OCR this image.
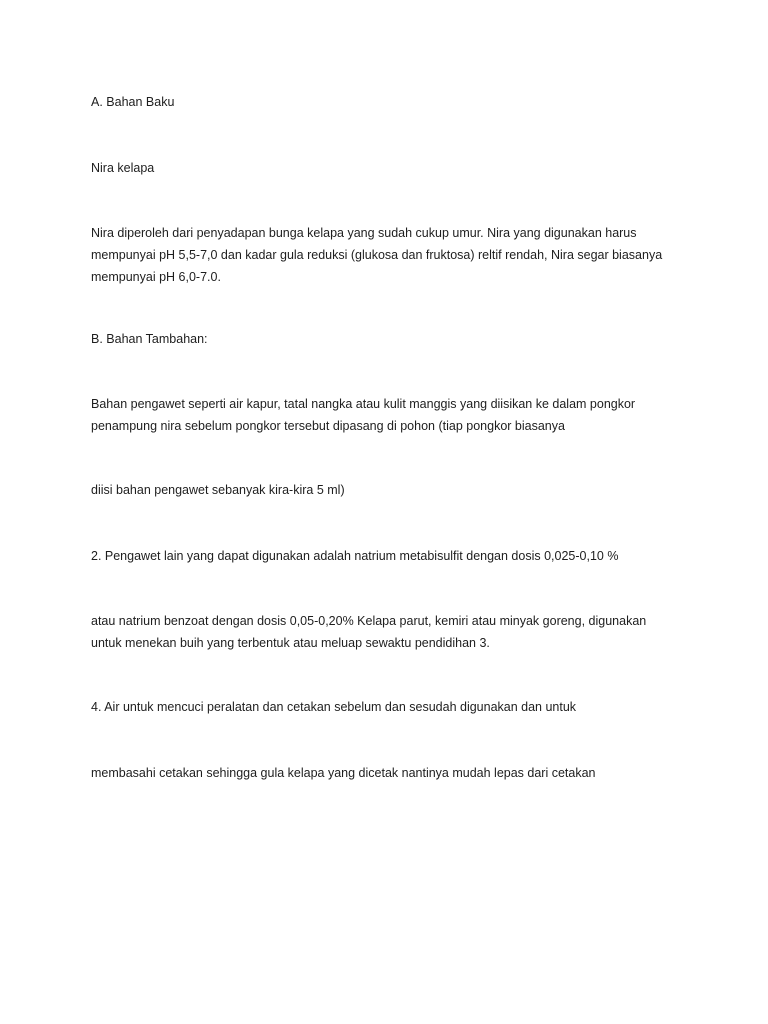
A. Bahan Baku

Nira kelapa

Nira diperoleh dari penyadapan bunga kelapa yang sudah cukup umur. Nira yang digunakan harus
mempunyai pH 5,5-7,0 dan kadar gula reduksi (glukosa dan fruktosa) reltif rendah, Nira segar biasanya
mempunyai pH 6,0-7.0.

B. Bahan Tambahan:

Bahan pengawet seperti air kapur, tatal nangka atau kulit manggis yang diisikan ke dalam pongkor
penampung nira sebelum pongkor tersebut dipasang di pohon (tiap pongkor biasanya

diisi bahan pengawet sebanyak kira-kira 5 ml)

2. Pengawet lain yang dapat digunakan adalah natrium metabisulfit dengan dosis 0,025-0,10 %

atau natrium benzoat dengan dosis 0,05-0,20% Kelapa parut, kemiri atau minyak goreng, digunakan
untuk menekan buih yang terbentuk atau meluap sewaktu pendidihan 3.

4. Air untuk mencuci peralatan dan cetakan sebelum dan sesudah digunakan dan untuk

membasahi cetakan sehingga gula kelapa yang dicetak nantinya mudah lepas dari cetakan
